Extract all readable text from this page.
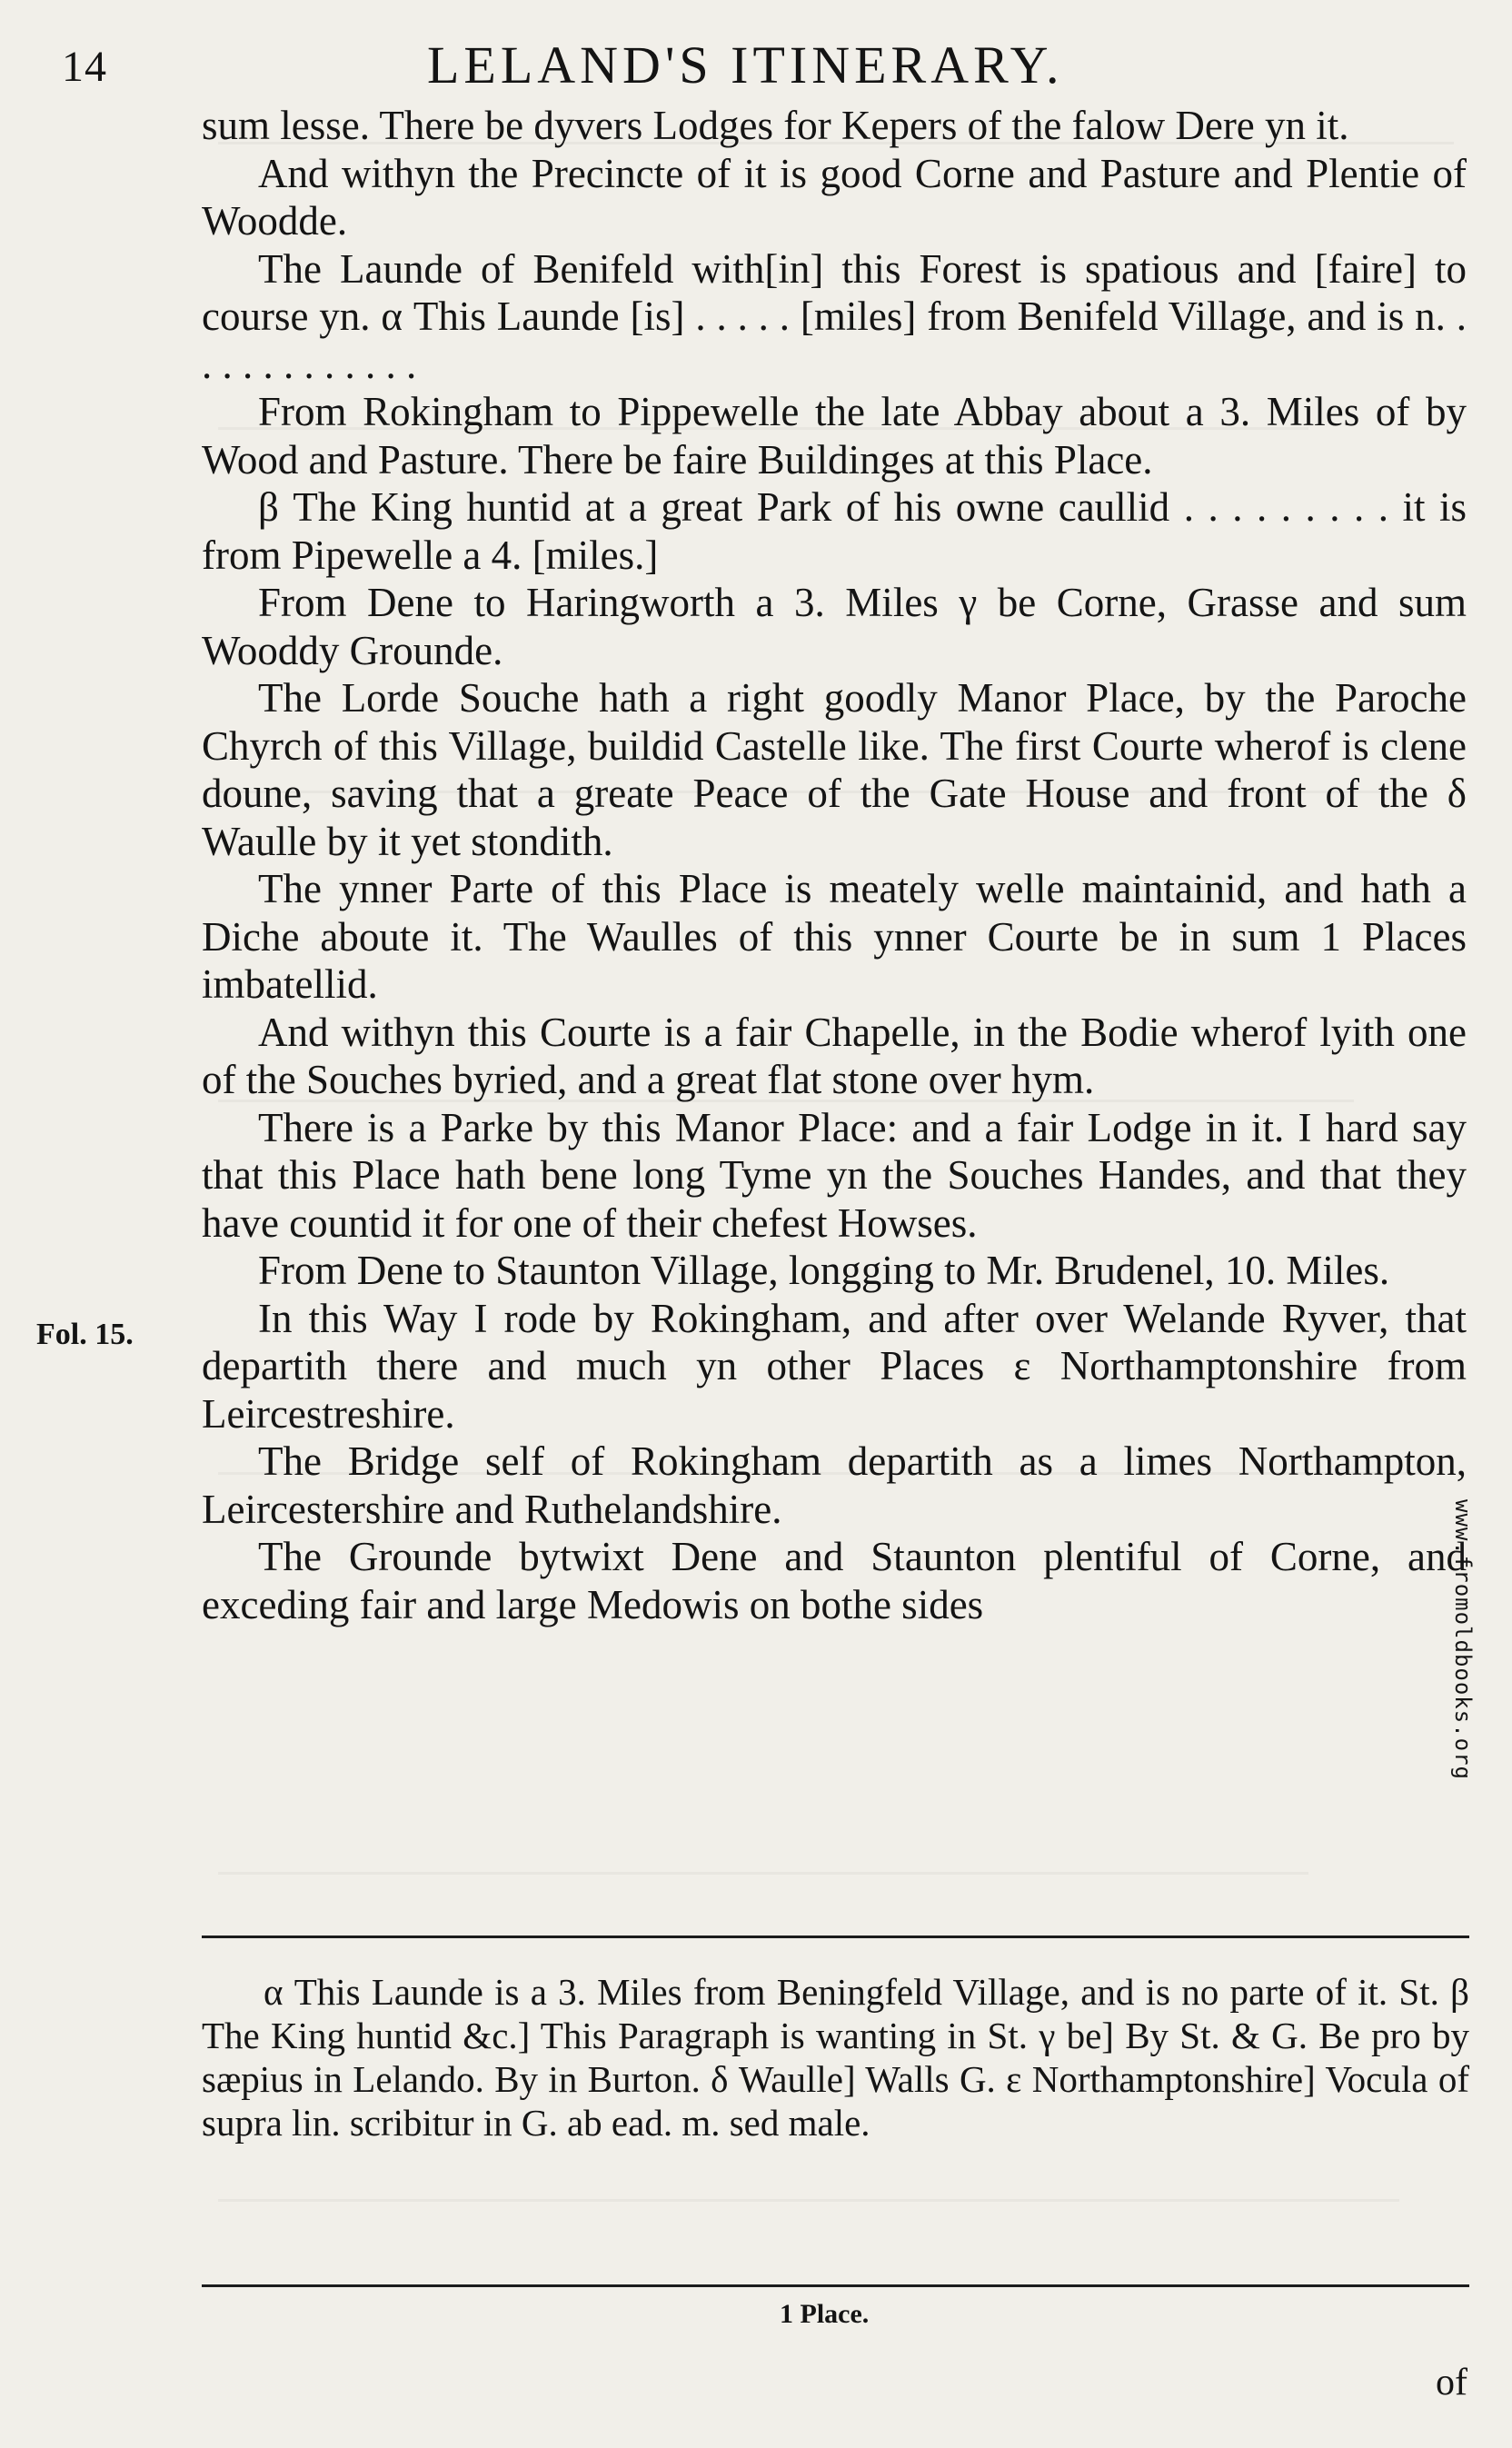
14	LELAND'S ITINERARY.

sum lesse. There be dyvers Lodges for Kepers of the falow Dere yn it.

And withyn the Precincte of it is good Corne and Pasture and Plentie of Woodde.

The Launde of Benifeld with[in] this Forest is spatious and [faire] to course yn. α This Launde [is] . . . . . [miles] from Benifeld Village, and is n. . . . . . . . . . . . .

From Rokingham to Pippewelle the late Abbay about a 3. Miles of by Wood and Pasture. There be faire Buildinges at this Place.

β The King huntid at a great Park of his owne caullid . . . . . . . . . it is from Pipewelle a 4. [miles.]

From Dene to Haringworth a 3. Miles γ be Corne, Grasse and sum Wooddy Grounde.

The Lorde Souche hath a right goodly Manor Place, by the Paroche Chyrch of this Village, buildid Castelle like. The first Courte wherof is clene doune, saving that a greate Peace of the Gate House and front of the δ Waulle by it yet stondith.

The ynner Parte of this Place is meately welle maintainid, and hath a Diche aboute it. The Waulles of this ynner Courte be in sum 1 Places imbatellid.

And withyn this Courte is a fair Chapelle, in the Bodie wherof lyith one of the Souches byried, and a great flat stone over hym.

There is a Parke by this Manor Place: and a fair Lodge in it. I hard say that this Place hath bene long Tyme yn the Souches Handes, and that they have countid it for one of their chefest Howses.

From Dene to Staunton Village, longging to Mr. Brudenel, 10. Miles.

In this Way I rode by Rokingham, and after over Welande Ryver, that departith there and much yn other Places ε Northamptonshire from Leircestreshire.

The Bridge self of Rokingham departith as a limes Northampton, Leircestershire and Ruthelandshire.

The Grounde bytwixt Dene and Staunton plentiful of Corne, and exceding fair and large Medowis on bothe sides

Fol. 15.

α This Launde is a 3. Miles from Beningfeld Village, and is no parte of it. St. β The King huntid &c.] This Paragraph is wanting in St. γ be] By St. & G. Be pro by sæpius in Lelando. By in Burton. δ Waulle] Walls G. ε Northamptonshire] Vocula of supra lin. scribitur in G. ab ead. m. sed male.

1 Place.
of
www.fromoldbooks.org
